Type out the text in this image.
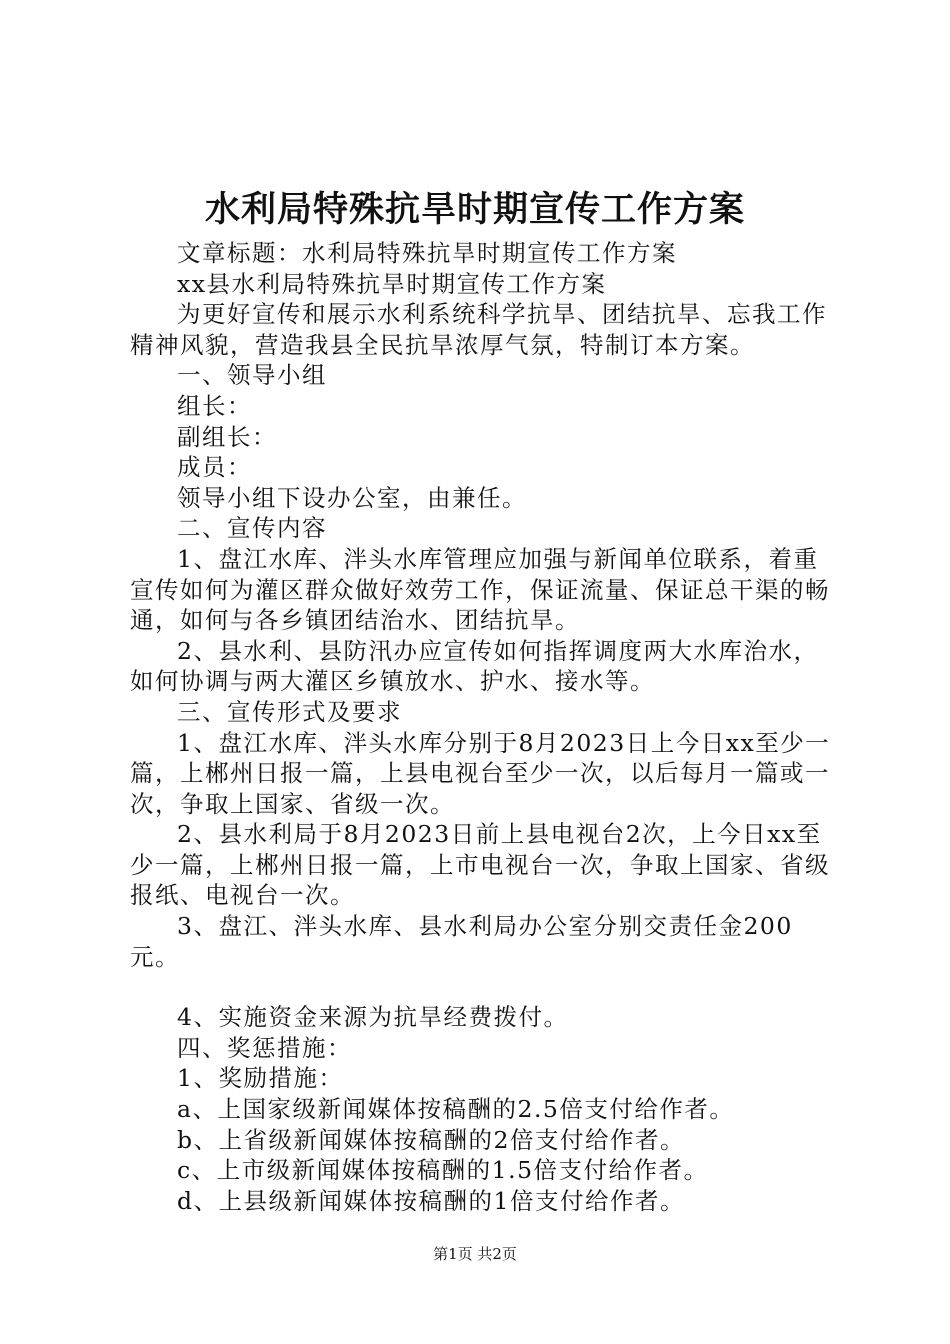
水利局特殊抗旱时期宣传工作方案

文章标题：水利局特殊抗旱时期宣传工作方案

xx县水利局特殊抗旱时期宣传工作方案

为更好宣传和展示水利系统科学抗旱、团结抗旱、忘我工作精神风貌，营造我县全民抗旱浓厚气氛，特制订本方案。

一、领导小组

组长：

副组长：

成员：

领导小组下设办公室，由兼任。

二、宣传内容

1、盘江水库、泮头水库管理应加强与新闻单位联系，着重宣传如何为灌区群众做好效劳工作，保证流量、保证总干渠的畅通，如何与各乡镇团结治水、团结抗旱。

2、县水利、县防汛办应宣传如何指挥调度两大水库治水，如何协调与两大灌区乡镇放水、护水、接水等。

三、宣传形式及要求

1、盘江水库、泮头水库分别于8月2023日上今日xx至少一篇，上郴州日报一篇，上县电视台至少一次，以后每月一篇或一次，争取上国家、省级一次。

2、县水利局于8月2023日前上县电视台2次，上今日xx至少一篇，上郴州日报一篇，上市电视台一次，争取上国家、省级报纸、电视台一次。

3、盘江、泮头水库、县水利局办公室分别交责任金200元。

4、实施资金来源为抗旱经费拨付。

四、奖惩措施：

1、奖励措施：

a、上国家级新闻媒体按稿酬的2.5倍支付给作者。

b、上省级新闻媒体按稿酬的2倍支付给作者。

c、上市级新闻媒体按稿酬的1.5倍支付给作者。

d、上县级新闻媒体按稿酬的1倍支付给作者。

第1页 共2页
